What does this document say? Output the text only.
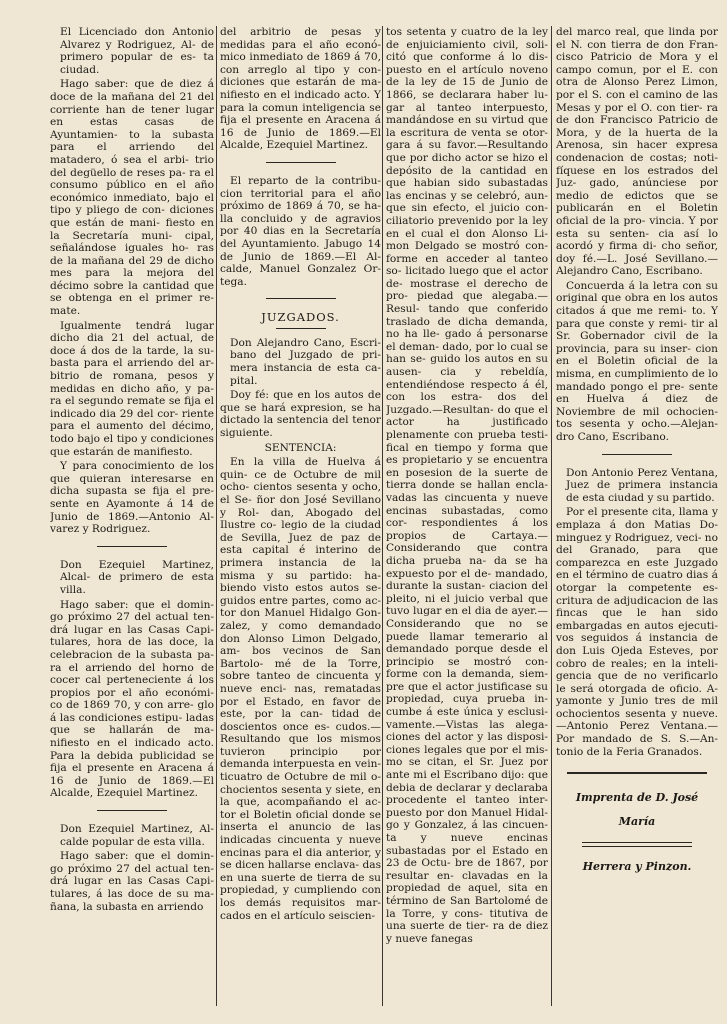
El Licenciado don Antonio Alvarez y Rodriguez, Al- de primero popular de es- ta ciudad.

Hago saber: que de diez á doce de la mañana del 21 del corriente han de tener lugar en estas casas de Ayuntamien- to la subasta para el arriendo del matadero, ó sea el arbi- trio del degüello de reses pa- ra el consumo público en el año económico inmediato, bajo el tipo y pliego de con- diciones que están de mani- fiesto en la Secretaría muni- cipal, señalándose iguales ho- ras de la mañana del 29 de dicho mes para la mejora del décimo sobre la cantidad que se obtenga en el primer re- mate.

Igualmente tendrá lugar dicho dia 21 del actual, de doce á dos de la tarde, la su- basta para el arriendo del ar- bitrio de romana, pesos y medidas en dicho año, y pa- ra el segundo remate se fija el indicado dia 29 del cor- riente para el aumento del décimo, todo bajo el tipo y condiciones que estarán de manifiesto.

Y para conocimiento de los que quieran interesarse en dicha supasta se fija el pre- sente en Ayamonte á 14 de Junio de 1869.—Antonio Al- varez y Rodriguez.

Don Ezequiel Martinez, Alcal- de primero de esta villa.

Hago saber: que el domin- go próximo 27 del actual ten- drá lugar en las Casas Capi- tulares, hora de las doce, la celebracion de la subasta pa- ra el arriendo del horno de cocer cal perteneciente á los propios por el año económi- co de 1869 70, y con arre- glo á las condiciones estipu- ladas que se hallarán de ma- nifiesto en el indicado acto. Para la debida publicidad se fija el presente en Aracena á 16 de Junio de 1869.—El Alcalde, Ezequiel Martinez.

Don Ezequiel Martinez, Al- calde popular de esta villa.

Hago saber: que el domin- go próximo 27 del actual ten- drá lugar en las Casas Capi- tulares, á las doce de su ma- ñana, la subasta en arriendo

del arbitrio de pesas y medidas para el año econó- mico inmediato de 1869 á 70, con arreglo al tipo y con- diciones que estarán de ma- nifiesto en el indicado acto. Y para la comun inteligencia se fija el presente en Aracena á 16 de Junio de 1869.—El Alcalde, Ezequiel Martinez.

El reparto de la contribu- cion territorial para el año próximo de 1869 á 70, se ha- lla concluido y de agravios por 40 dias en la Secretaría del Ayuntamiento. Jabugo 14 de Junio de 1869.—El Al- calde, Manuel Gonzalez Or- tega.

JUZGADOS.

Don Alejandro Cano, Escri- bano del Juzgado de pri- mera instancia de esta ca- pital.

Doy fé: que en los autos de que se hará expresion, se ha dictado la sentencia del tenor siguiente.

SENTENCIA:

En la villa de Huelva á quin- ce de Octubre de mil ocho- cientos sesenta y ocho, el Se- ñor don José Sevillano y Rol- dan, Abogado del Ilustre co- legio de la ciudad de Sevilla, Juez de paz de esta capital é interino de primera instancia de la misma y su partido: ha- biendo visto estos autos se- guidos entre partes, como ac- tor don Manuel Hidalgo Gon- zalez, y como demandado don Alonso Limon Delgado, am- bos vecinos de San Bartolo- mé de la Torre, sobre tanteo de cincuenta y nueve enci- nas, rematadas por el Estado, en favor de este, por la can- tidad de doscientos once es- cudos.—Resultando que los mismos tuvieron principio por demanda interpuesta en vein- ticuatro de Octubre de mil o- chocientos sesenta y siete, en la que, acompañando el ac- tor el Boletin oficial donde se inserta el anuncio de las indicadas cincuenta y nueve encinas para el dia anterior, y se dicen hallarse enclava- das en una suerte de tierra de su propiedad, y cumpliendo con los demás requisitos mar- cados en el artículo seiscien-

tos setenta y cuatro de la ley de enjuiciamiento civil, soli- citó que conforme á lo dis- puesto en el artículo noveno de la ley de 15 de Junio de 1866, se declarara haber lu- gar al tanteo interpuesto, mandándose en su virtud que la escritura de venta se otor- gara á su favor.—Resultando que por dicho actor se hizo el depósito de la cantidad en que habian sido subastadas las encinas y se celebró, aun- que sin efecto, el juicio con- ciliatorio prevenido por la ley en el cual el don Alonso Li- mon Delgado se mostró con- forme en acceder al tanteo so- licitado luego que el actor de- mostrase el derecho de pro- piedad que alegaba.—Resul- tando que conferido traslado de dicha demanda, no ha lle- gado á personarse el deman- dado, por lo cual se han se- guido los autos en su ausen- cia y rebeldía, entendiéndose respecto á él, con los estra- dos del Juzgado.—Resultan- do que el actor ha justificado plenamente con prueba testi- fical en tiempo y forma que es propietario y se encuentra en posesion de la suerte de tierra donde se hallan encla- vadas las cincuenta y nueve encinas subastadas, como cor- respondientes á los propios de Cartaya.—Considerando que contra dicha prueba na- da se ha expuesto por el de- mandado, durante la sustan- ciacion del pleito, ni el juicio verbal que tuvo lugar en el dia de ayer.—Considerando que no se puede llamar temerario al demandado porque desde el principio se mostró con- forme con la demanda, siem- pre que el actor justificase su propiedad, cuya prueba in- cumbe á este única y esclusi- vamente.—Vistas las alega- ciones del actor y las disposi- ciones legales que por el mis- mo se citan, el Sr. Juez por ante mi el Escribano dijo: que debia de declarar y declaraba procedente el tanteo inter- puesto por don Manuel Hidal- go y Gonzalez, á las cincuen- ta y nueve encinas subastadas por el Estado en 23 de Octu- bre de 1867, por resultar en- clavadas en la propiedad de aquel, sita en término de San Bartolomé de la Torre, y cons- titutiva de una suerte de tier- ra de diez y nueve fanegas

del marco real, que linda por el N. con tierra de don Fran- cisco Patricio de Mora y el campo comun, por el E. con otra de Alonso Perez Limon, por el S. con el camino de las Mesas y por el O. con tier- ra de don Francisco Patricio de Mora, y de la huerta de la Arenosa, sin hacer expresa condenacion de costas; noti- fíquese en los estrados del Juz- gado, anúnciese por medio de edictos que se publicarán en el Boletin oficial de la pro- vincia. Y por esta su senten- cia así lo acordó y firma di- cho señor, doy fé.—L. José Sevillano.—Alejandro Cano, Escribano.

Concuerda á la letra con su original que obra en los autos citados á que me remi- to. Y para que conste y remi- tir al Sr. Gobernador civil de la provincia, para su inser- cion en el Boletin oficial de la misma, en cumplimiento de lo mandado pongo el pre- sente en Huelva á diez de Noviembre de mil ochocien- tos sesenta y ocho.—Alejan- dro Cano, Escribano.

Don Antonio Perez Ventana, Juez de primera instancia de esta ciudad y su partido.

Por el presente cita, llama y emplaza á don Matias Do- minguez y Rodriguez, veci- no del Granado, para que comparezca en este Juzgado en el término de cuatro dias á otorgar la competente es- critura de adjudicacion de las fincas que le han sido embargadas en autos ejecuti- vos seguidos á instancia de don Luis Ojeda Esteves, por cobro de reales; en la inteli- gencia que de no verificarlo le será otorgada de oficio. A- yamonte y Junio tres de mil ochocientos sesenta y nueve. —Antonio Perez Ventana.—Por mandado de S. S.—An- tonio de la Feria Granados.

Imprenta de D. José María

Herrera y Pinzon.
